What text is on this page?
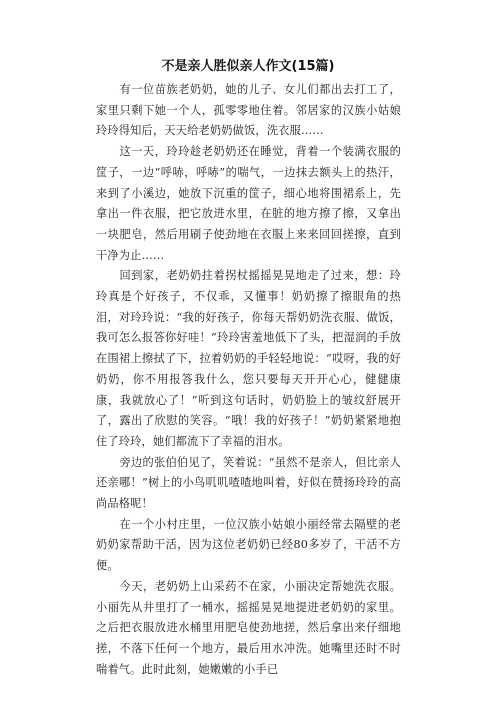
不是亲人胜似亲人作文(15篇)

有一位苗族老奶奶，她的儿子、女儿们都出去打工了，家里只剩下她一个人，孤零零地住着。邻居家的汉族小姑娘玲玲得知后，天天给老奶奶做饭，洗衣服……

这一天，玲玲趁老奶奶还在睡觉，背着一个装满衣服的筐子，一边“呼哧，呼哧”的喘气，一边抹去额头上的热汗，来到了小溪边，她放下沉重的筐子，细心地将围裙系上，先拿出一件衣服，把它放进水里，在脏的地方擦了擦，又拿出一块肥皂，然后用刷子使劲地在衣服上来来回回搓擦，直到干净为止……

回到家，老奶奶拄着拐杖摇摇晃晃地走了过来，想：玲玲真是个好孩子，不仅乖，又懂事！奶奶擦了擦眼角的热泪，对玲玲说：“我的好孩子，你每天帮奶奶洗衣服、做饭，我可怎么报答你好哇！”玲玲害羞地低下了头，把湿润的手放在围裙上擦拭了下，拉着奶奶的手轻轻地说：“哎呀，我的好奶奶，你不用报答我什么，您只要每天开开心心，健健康康，我就放心了！”听到这句话时，奶奶脸上的皱纹舒展开了，露出了欣慰的笑容。“哦！我的好孩子！”奶奶紧紧地抱住了玲玲，她们都流下了幸福的泪水。

旁边的张伯伯见了，笑着说：“虽然不是亲人，但比亲人还亲哪！”树上的小鸟叽叽喳喳地叫着，好似在赞扬玲玲的高尚品格呢！

在一个小村庄里，一位汉族小姑娘小丽经常去隔壁的老奶奶家帮助干活，因为这位老奶奶已经80多岁了，干活不方便。

今天，老奶奶上山采药不在家，小丽决定帮她洗衣服。小丽先从井里打了一桶水，摇摇晃晃地提进老奶奶的家里。之后把衣服放进水桶里用肥皂使劲地搓，然后拿出来仔细地搓，不落下任何一个地方，最后用水冲洗。她嘴里还时不时喘着气。此时此刻，她嫩嫩的小手已
